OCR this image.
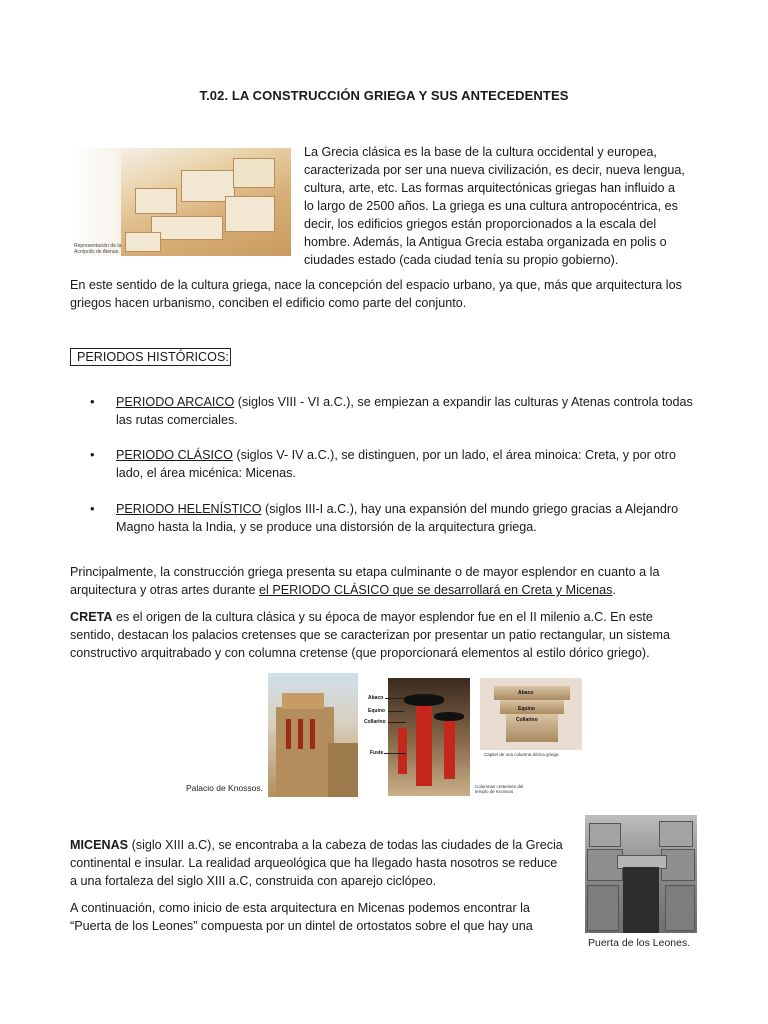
T.02. LA CONSTRUCCIÓN GRIEGA Y SUS ANTECEDENTES
Representación de la Acrópolis de Atenas.
La Grecia clásica es la base de la cultura occidental y europea,
caracterizada por ser una nueva civilización, es decir, nueva lengua,
cultura, arte, etc. Las formas arquitectónicas griegas han influido a
lo largo de 2500 años. La griega es una cultura antropocéntrica, es
decir, los edificios griegos están proporcionados a la escala del
hombre. Además, la Antigua Grecia estaba organizada en polis o
ciudades estado (cada ciudad tenía su propio gobierno).
En este sentido de la cultura griega, nace la concepción del espacio urbano, ya que, más que arquitectura los
griegos hacen urbanismo, conciben el edificio como parte del conjunto.
PERIODOS HISTÓRICOS:
• PERIODO ARCAICO (siglos VIII - VI a.C.), se empiezan a expandir las culturas y Atenas controla todas
las rutas comerciales.
• PERIODO CLÁSICO (siglos V- IV a.C.), se distinguen, por un lado, el área minoica: Creta, y por otro
lado, el área micénica: Micenas.
• PERIODO HELENÍSTICO (siglos III-I a.C.), hay una expansión del mundo griego gracias a Alejandro
Magno hasta la India, y se produce una distorsión de la arquitectura griega.
Principalmente, la construcción griega presenta su etapa culminante o de mayor esplendor en cuanto a la
arquitectura y otras artes durante el PERIODO CLÁSICO que se desarrollará en Creta y Micenas.
CRETA es el origen de la cultura clásica y su época de mayor esplendor fue en el II milenio a.C. En este
sentido, destacan los palacios cretenses que se caracterizan por presentar un patio rectangular, un sistema
constructivo arquitrabado y con columna cretense (que proporcionará elementos al estilo dórico griego).
Palacio de Knossos.
Abaco
Equino
Collarino
Fuste
Abaco
Equino
Collarino
Capitel de una columna dórica griega
Columnas cretenses del templo de Knossos
MICENAS (siglo XIII a.C), se encontraba a la cabeza de todas las ciudades de la Grecia
continental e insular. La realidad arqueológica que ha llegado hasta nosotros se reduce
a una fortaleza del siglo XIII a.C, construida con aparejo ciclópeo.
A continuación, como inicio de esta arquitectura en Micenas podemos encontrar la
“Puerta de los Leones” compuesta por un dintel de ortostatos sobre el que hay una
Puerta de los Leones.
